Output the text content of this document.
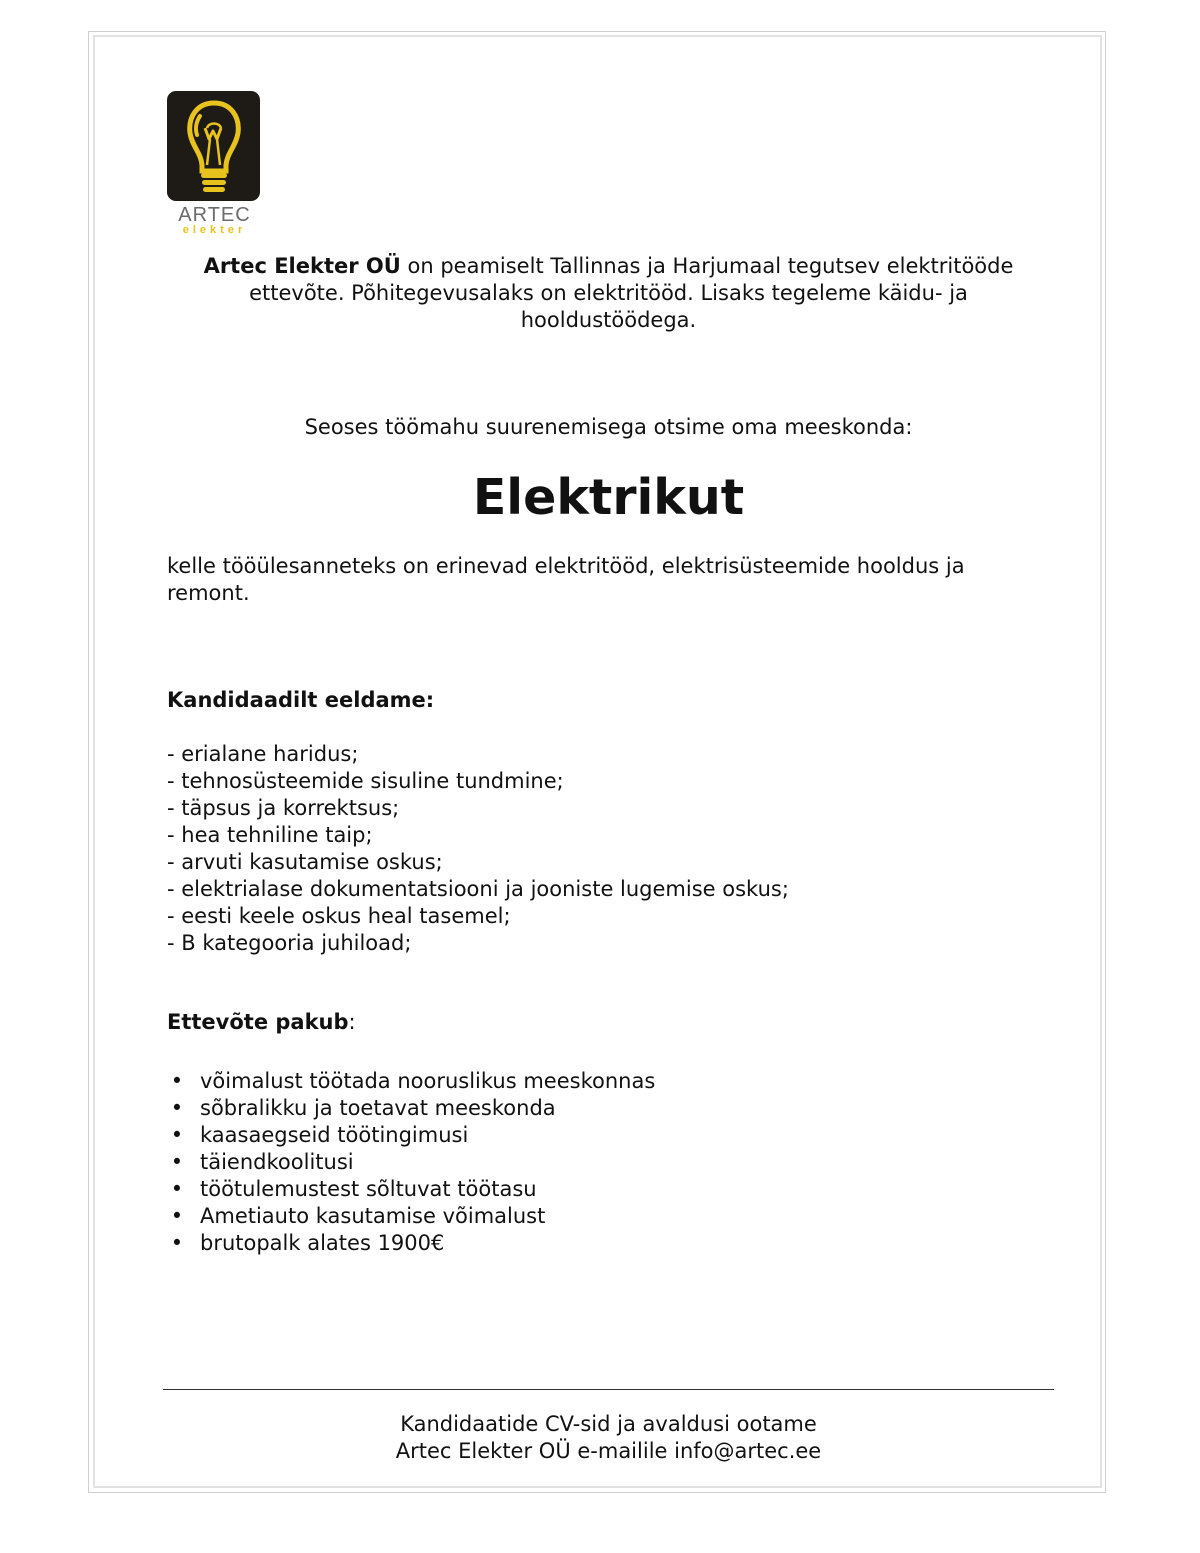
ARTEC
elekter
Artec Elekter OÜ on peamiselt Tallinnas ja Harjumaal tegutsev elektritööde ettevõte. Põhitegevusalaks on elektritööd. Lisaks tegeleme käidu- ja hooldustöödega.
Seoses töömahu suurenemisega otsime oma meeskonda:
Elektrikut
kelle tööülesanneteks on erinevad elektritööd, elektrisüsteemide hooldus ja remont.
Kandidaadilt eeldame:
- erialane haridus;
- tehnosüsteemide sisuline tundmine;
- täpsus ja korrektsus;
- hea tehniline taip;
- arvuti kasutamise oskus;
- elektrialase dokumentatsiooni ja jooniste lugemise oskus;
- eesti keele oskus heal tasemel;
- B kategooria juhiload;
Ettevõte pakub:
• võimalust töötada nooruslikus meeskonnas
• sõbralikku ja toetavat meeskonda
• kaasaegseid töötingimusi
• täiendkoolitusi
• töötulemustest sõltuvat töötasu
• Ametiauto kasutamise võimalust
• brutopalk alates 1900€
Kandidaatide CV-sid ja avaldusi ootame
Artec Elekter OÜ e-mailile info@artec.ee
